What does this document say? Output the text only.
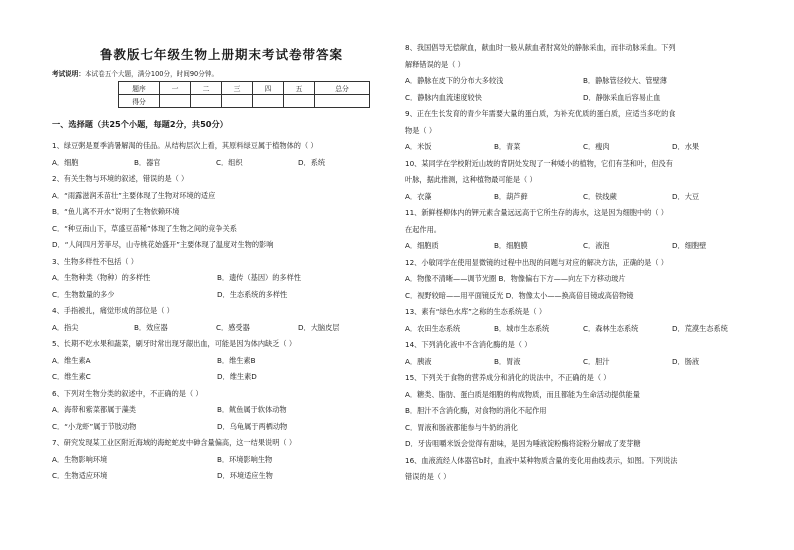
鲁教版七年级生物上册期末考试卷带答案
考试说明：本试卷五个大题，满分100分，时间90分钟。
题序	一	二	三	四	五	总分
得分						
一、选择题（共25个小题，每题2分，共50分）
1、绿豆粥是夏季消暑解渴的佳品。从结构层次上看，其原料绿豆属于植物体的（ ）
A．细胞	B．器官	C．组织	D．系统
2、有关生物与环境的叙述，错误的是（ ）
A．“雨露滋润禾苗壮”主要体现了生物对环境的适应
B．“鱼儿离不开水”说明了生物依赖环境
C．“种豆南山下，草盛豆苗稀”体现了生物之间的竞争关系
D．“人间四月芳菲尽，山寺桃花始盛开”主要体现了温度对生物的影响
3、生物多样性不包括（ ）
A．生物种类（物种）的多样性	B．遗传（基因）的多样性
C．生物数量的多少	D．生态系统的多样性
4、手指被扎，痛觉形成的部位是（ ）
A．指尖	B．效应器	C．感受器	D．大脑皮层
5、长期不吃水果和蔬菜，刷牙时常出现牙龈出血，可能是因为体内缺乏（ ）
A．维生素A	B．维生素B
C．维生素C	D．维生素D
6、下列对生物分类的叙述中，不正确的是（ ）
A．海带和紫菜都属于藻类	B．鱿鱼属于软体动物
C．“小龙虾”属于节肢动物	D．乌龟属于两栖动物
7、研究发现某工业区附近海域的海蛇蛇皮中砷含量偏高，这一结果说明（ ）
A．生物影响环境	B．环境影响生物
C．生物适应环境	D．环境适应生物
8、我国倡导无偿献血，献血时一般从献血者肘窝处的静脉采血，而非动脉采血。下列
解释错误的是（ ）
A．静脉在皮下的分布大多较浅	B．静脉管径较大、管壁薄
C．静脉内血流速度较快	D．静脉采血后容易止血
9、正在生长发育的青少年需要大量的蛋白质，为补充优质的蛋白质，应适当多吃的食
物是（ ）
A．米饭	B．青菜	C．瘦肉	D．水果
10、某同学在学校附近山坡的背阴处发现了一种矮小的植物，它们有茎和叶，但没有
叶脉，据此推测，这种植物最可能是（ ）
A．衣藻	B．葫芦藓	C．铁线蕨	D．大豆
11、新鲜柽柳体内的钾元素含量远远高于它所生存的海水，这是因为细胞中的（ ）
在起作用。
A．细胞质	B．细胞膜	C．液泡	D．细胞壁
12、小敏同学在使用显微镜的过程中出现的问题与对应的解决方法，正确的是（ ）
A．物像不清晰——调节光圈 B．物像偏右下方——向左下方移动玻片
C．视野较暗——用平面镜反光 D．物像太小——换高倍目镜或高倍物镜
13、素有“绿色水库”之称的生态系统是（ ）
A．农田生态系统	B．城市生态系统	C．森林生态系统	D．荒漠生态系统
14、下列消化液中不含消化酶的是（ ）
A．胰液	B．胃液	C．胆汁	D．肠液
15、下列关于食物的营养成分和消化的说法中，不正确的是（ ）
A．糖类、脂肪、蛋白质是细胞的构成物质，而且都能为生命活动提供能量
B．胆汁不含消化酶，对食物的消化不起作用
C．胃液和肠液都能参与牛奶的消化
D．牙齿咀嚼米饭会觉得有甜味，是因为唾液淀粉酶将淀粉分解成了麦芽糖
16、血液流经人体器官b时，血液中某种物质含量的变化用曲线表示，如图。下列说法
错误的是（ ）
